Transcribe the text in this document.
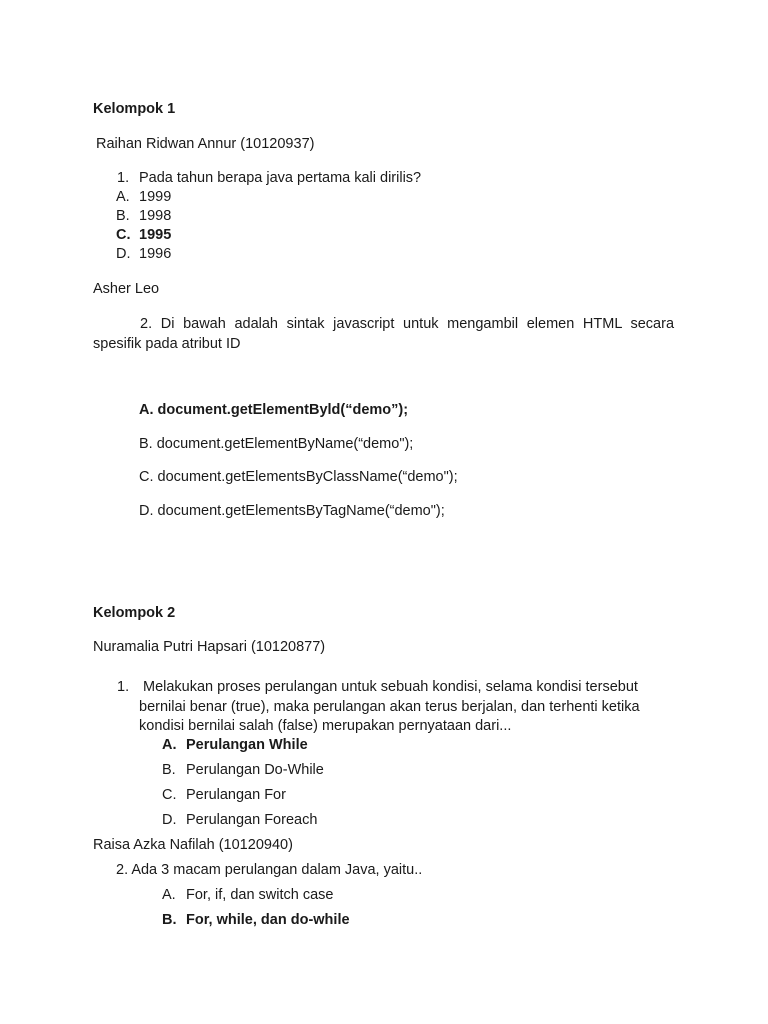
Kelompok 1
Raihan Ridwan Annur (10120937)
1. Pada tahun berapa java pertama kali dirilis?
A. 1999
B. 1998
C. 1995
D. 1996
Asher Leo
2. Di bawah adalah sintak javascript untuk mengambil elemen HTML secara spesifik pada atribut ID
A. document.getElementByld(“demo”);
B. document.getElementByName(“demo");
C. document.getElementsByClassName(“demo");
D. document.getElementsByTagName(“demo");
Kelompok 2
Nuramalia Putri Hapsari (10120877)
1. Melakukan proses perulangan untuk sebuah kondisi, selama kondisi tersebut bernilai benar (true), maka perulangan akan terus berjalan, dan terhenti ketika kondisi bernilai salah (false) merupakan pernyataan dari...
A. Perulangan While
B. Perulangan Do-While
C. Perulangan For
D. Perulangan Foreach
Raisa Azka Nafilah (10120940)
2. Ada 3 macam perulangan dalam Java, yaitu..
A. For, if, dan switch case
B. For, while, dan do-while
